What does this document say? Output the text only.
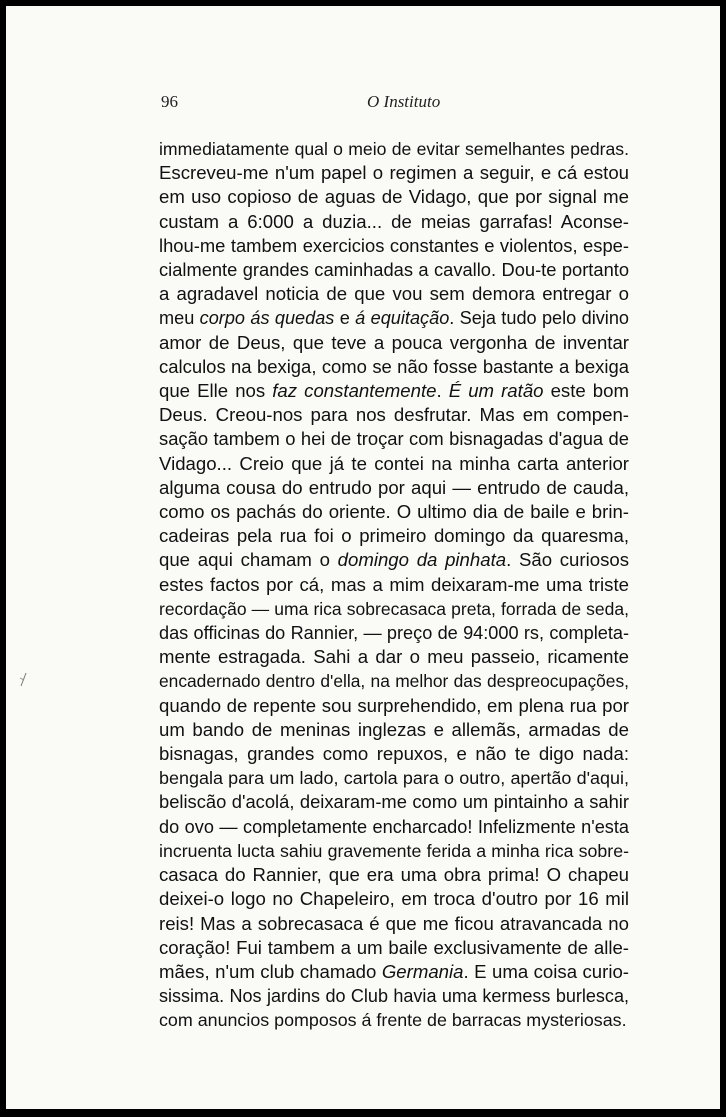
96	O Instituto
immediatamente qual o meio de evitar semelhantes pedras.
Escreveu-me n'um papel o regimen a seguir, e cá estou
em uso copioso de aguas de Vidago, que por signal me
custam a 6:000 a duzia... de meias garrafas! Aconse-
lhou-me tambem exercicios constantes e violentos, espe-
cialmente grandes caminhadas a cavallo. Dou-te portanto
a agradavel noticia de que vou sem demora entregar o
meu corpo ás quedas e á equitação. Seja tudo pelo divino
amor de Deus, que teve a pouca vergonha de inventar
calculos na bexiga, como se não fosse bastante a bexiga
que Elle nos faz constantemente. É um ratão este bom
Deus. Creou-nos para nos desfrutar. Mas em compen-
sação tambem o hei de troçar com bisnagadas d'agua de
Vidago... Creio que já te contei na minha carta anterior
alguma cousa do entrudo por aqui — entrudo de cauda,
como os pachás do oriente. O ultimo dia de baile e brin-
cadeiras pela rua foi o primeiro domingo da quaresma,
que aqui chamam o domingo da pinhata. São curiosos
estes factos por cá, mas a mim deixaram-me uma triste
recordação — uma rica sobrecasaca preta, forrada de seda,
das officinas do Rannier, — preço de 94:000 rs, completa-
mente estragada. Sahi a dar o meu passeio, ricamente
encadernado dentro d'ella, na melhor das despreocupações,
quando de repente sou surprehendido, em plena rua por
um bando de meninas inglezas e allemãs, armadas de
bisnagas, grandes como repuxos, e não te digo nada:
bengala para um lado, cartola para o outro, apertão d'aqui,
beliscão d'acolá, deixaram-me como um pintainho a sahir
do ovo — completamente encharcado! Infelizmente n'esta
incruenta lucta sahiu gravemente ferida a minha rica sobre-
casaca do Rannier, que era uma obra prima! O chapeu
deixei-o logo no Chapeleiro, em troca d'outro por 16 mil
reis! Mas a sobrecasaca é que me ficou atravancada no
coração! Fui tambem a um baile exclusivamente de alle-
mães, n'um club chamado Germania. E uma coisa curio-
sissima. Nos jardins do Club havia uma kermess burlesca,
com anuncios pomposos á frente de barracas mysteriosas.
